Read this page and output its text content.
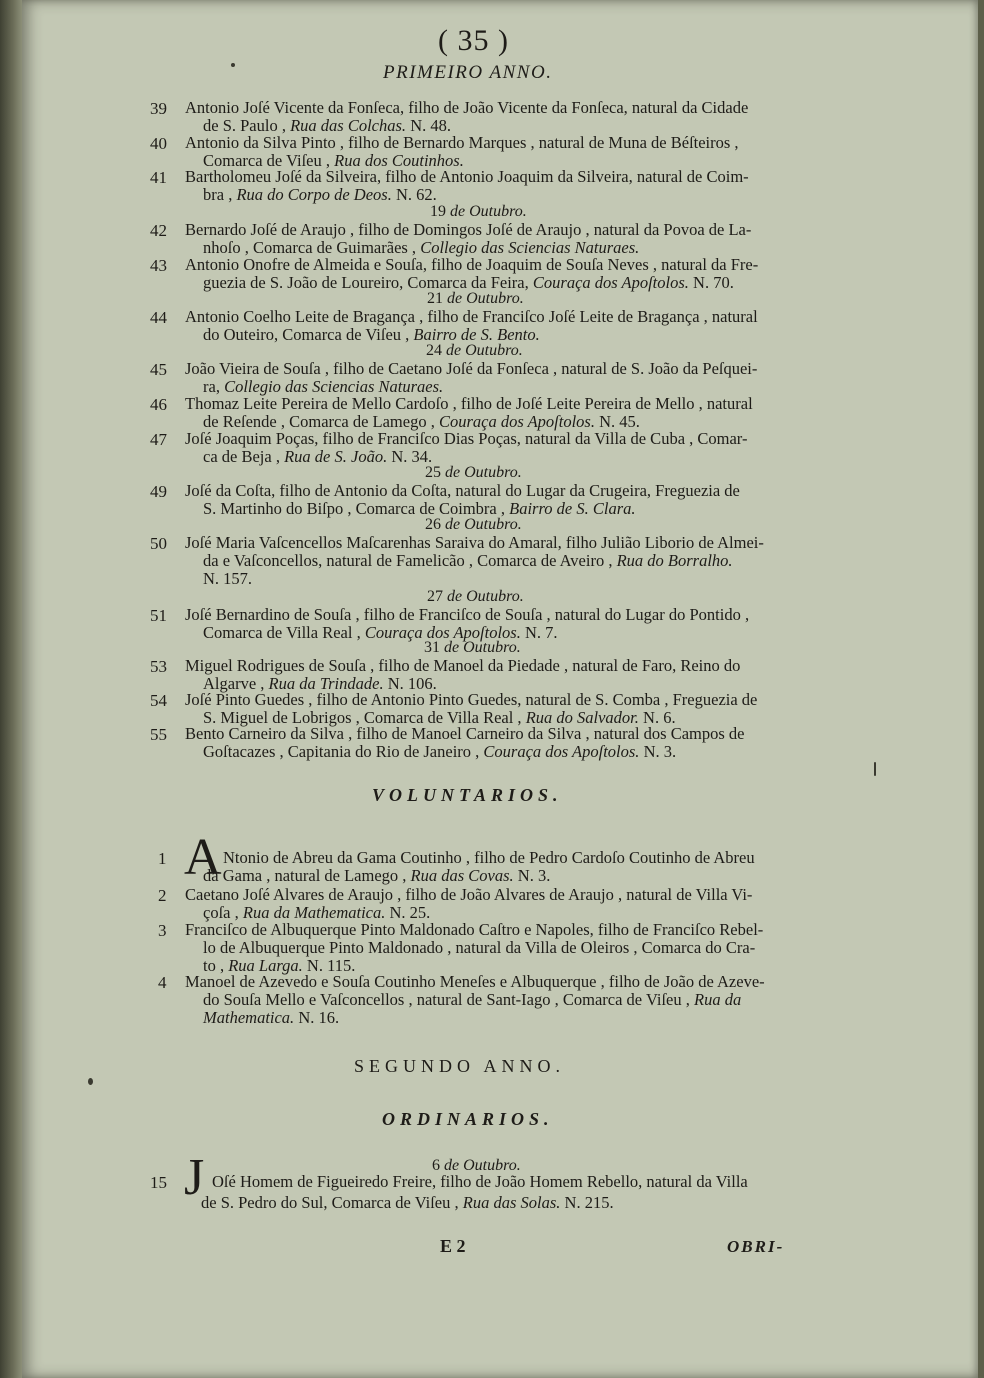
( 35 )
PRIMEIRO ANNO.
39 Antonio Joſé Vicente da Fonſeca, filho de João Vicente da Fonſeca, natural da Cidade
de S. Paulo , Rua das Colchas. N. 48.
40 Antonio da Silva Pinto , filho de Bernardo Marques , natural de Muna de Béſteiros ,
Comarca de Viſeu , Rua dos Coutinhos.
41 Bartholomeu Joſé da Silveira, filho de Antonio Joaquim da Silveira, natural de Coim-
bra , Rua do Corpo de Deos. N. 62.
42 Bernardo Joſé de Araujo , filho de Domingos Joſé de Araujo , natural da Povoa de La-
nhoſo , Comarca de Guimarães , Collegio das Sciencias Naturaes.
43 Antonio Onofre de Almeida e Souſa, filho de Joaquim de Souſa Neves , natural da Fre-
guezia de S. João de Loureiro, Comarca da Feira, Couraça dos Apoſtolos. N. 70.
44 Antonio Coelho Leite de Bragança , filho de Franciſco Joſé Leite de Bragança , natural
do Outeiro, Comarca de Viſeu , Bairro de S. Bento.
45 João Vieira de Souſa , filho de Caetano Joſé da Fonſeca , natural de S. João da Peſquei-
ra, Collegio das Sciencias Naturaes.
46 Thomaz Leite Pereira de Mello Cardoſo , filho de Joſé Leite Pereira de Mello , natural
de Reſende , Comarca de Lamego , Couraça dos Apoſtolos. N. 45.
47 Joſé Joaquim Poças, filho de Franciſco Dias Poças, natural da Villa de Cuba , Comar-
ca de Beja , Rua de S. João. N. 34.
49 Joſé da Coſta, filho de Antonio da Coſta, natural do Lugar da Crugeira, Freguezia de
S. Martinho do Biſpo , Comarca de Coimbra , Bairro de S. Clara.
50 Joſé Maria Vaſcencellos Maſcarenhas Saraiva do Amaral, filho Julião Liborio de Almei-
da e Vaſconcellos, natural de Famelicão , Comarca de Aveiro , Rua do Borralho.
N. 157.
51 Joſé Bernardino de Souſa , filho de Franciſco de Souſa , natural do Lugar do Pontido ,
Comarca de Villa Real , Couraça dos Apoſtolos. N. 7.
53 Miguel Rodrigues de Souſa , filho de Manoel da Piedade , natural de Faro, Reino do
Algarve , Rua da Trindade. N. 106.
54 Joſé Pinto Guedes , filho de Antonio Pinto Guedes, natural de S. Comba , Freguezia de
S. Miguel de Lobrigos , Comarca de Villa Real , Rua do Salvador. N. 6.
55 Bento Carneiro da Silva , filho de Manoel Carneiro da Silva , natural dos Campos de
Goſtacazes , Capitania do Rio de Janeiro , Couraça dos Apoſtolos. N. 3.
19 de Outubro.
21 de Outubro.
24 de Outubro.
25 de Outubro.
26 de Outubro.
27 de Outubro.
31 de Outubro.
VOLUNTARIOS.
1 A Ntonio de Abreu da Gama Coutinho , filho de Pedro Cardoſo Coutinho de Abreu
da Gama , natural de Lamego , Rua das Covas. N. 3.
2 Caetano Joſé Alvares de Araujo , filho de João Alvares de Araujo , natural de Villa Vi-
çoſa , Rua da Mathematica. N. 25.
3 Franciſco de Albuquerque Pinto Maldonado Caſtro e Napoles, filho de Franciſco Rebel-
lo de Albuquerque Pinto Maldonado , natural da Villa de Oleiros , Comarca do Cra-
to , Rua Larga. N. 115.
4 Manoel de Azevedo e Souſa Coutinho Meneſes e Albuquerque , filho de João de Azeve-
do Souſa Mello e Vaſconcellos , natural de Sant-Iago , Comarca de Viſeu , Rua da
Mathematica. N. 16.
SEGUNDO ANNO.
ORDINARIOS.
6 de Outubro.
15 J Oſé Homem de Figueiredo Freire, filho de João Homem Rebello, natural da Villa
de S. Pedro do Sul, Comarca de Viſeu , Rua das Solas. N. 215.
E 2	OBRI-
